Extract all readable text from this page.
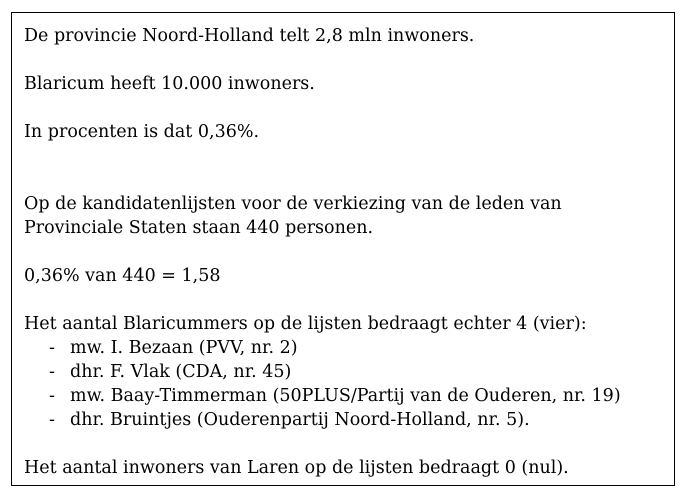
De provincie Noord-Holland telt 2,8 mln inwoners.

Blaricum heeft 10.000 inwoners.

In procenten is dat 0,36%.

Op de kandidatenlijsten voor de verkiezing van de leden van

Provinciale Staten staan 440 personen.

0,36% van 440 = 1,58

Het aantal Blaricummers op de lijsten bedraagt echter 4 (vier):

- mw. I. Bezaan (PVV, nr. 2)
- dhr. F. Vlak (CDA, nr. 45)
- mw. Baay-Timmerman (50PLUS/Partij van de Ouderen, nr. 19)
- dhr. Bruintjes (Ouderenpartij Noord-Holland, nr. 5).

Het aantal inwoners van Laren op de lijsten bedraagt 0 (nul).
